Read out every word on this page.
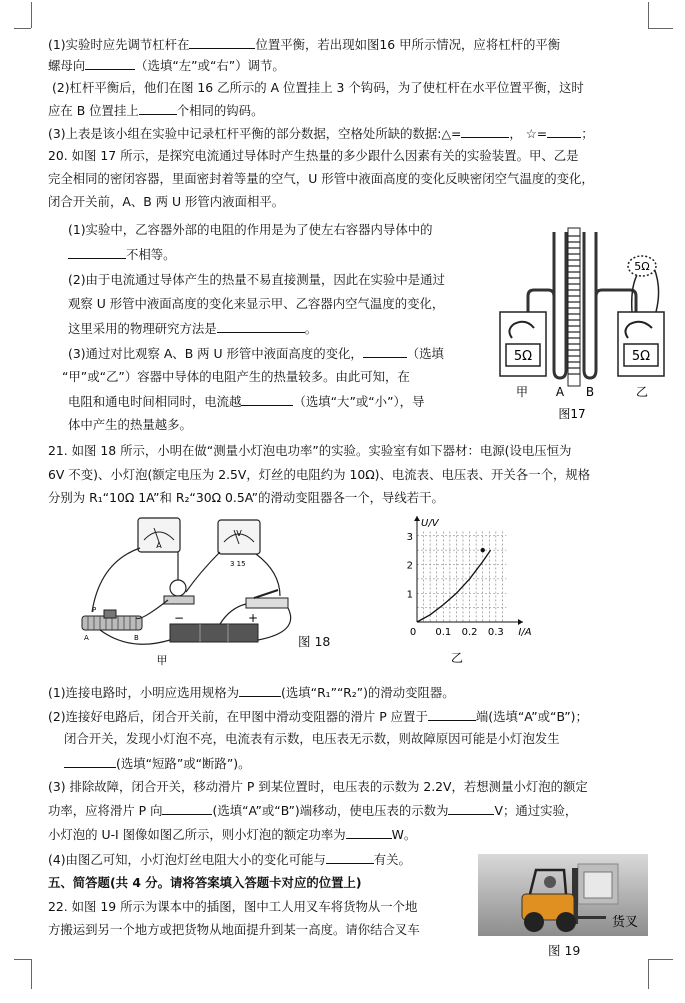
(1)实验时应先调节杠杆在	位置平衡，若出现如图16 甲所示情况，应将杠杆的平衡
螺母向	（选填“左”或“右”）调节。
(2)杠杆平衡后，他们在图 16 乙所示的 A 位置挂上 3 个钩码，为了使杠杆在水平位置平衡，这时
应在 B 位置挂上	个相同的钩码。
(3)上表是该小组在实验中记录杠杆平衡的部分数据，空格处所缺的数据:△=	， ☆=	；
20. 如图 17 所示，是探究电流通过导体时产生热量的多少跟什么因素有关的实验装置。甲、乙是
完全相同的密闭容器，里面密封着等量的空气，U 形管中液面高度的变化反映密闭空气温度的变化，
闭合开关前，A、B 两 U 形管内液面相平。
(1)实验中，乙容器外部的电阻的作用是为了使左右容器内导体中的
不相等。
(2)由于电流通过导体产生的热量不易直接测量，因此在实验中是通过
观察 U 形管中液面高度的变化来显示甲、乙容器内空气温度的变化，
这里采用的物理研究方法是	。
(3)通过对比观察 A、B 两 U 形管中液面高度的变化，	（选填
“甲”或“乙”）容器中导体的电阻产生的热量较多。由此可知，在
电阻和通电时间相同时，电流越	（选填“大”或“小”），导
体中产生的热量越多。
5Ω	5Ω
5Ω
甲 A B	乙
图17
21. 如图 18 所示，小明在做“测量小灯泡电功率”的实验。实验室有如下器材：电源(设电压恒为
6V 不变)、小灯泡(额定电压为 2.5V，灯丝的电阻约为 10Ω)、电流表、电压表、开关各一个，规格
分别为 R₁“10Ω 1A”和 R₂“30Ω 0.5A”的滑动变阻器各一个，导线若干。
A
V
3 15
−	+
P
A	B
甲
图 18
0 0.1 0.2 0.3
1
2
3
I/A
U/V
乙
(1)连接电路时，小明应选用规格为	(选填“R₁”“R₂”)的滑动变阻器。
(2)连接好电路后，闭合开关前，在甲图中滑动变阻器的滑片 P 应置于	端(选填“A”或“B”)；
闭合开关，发现小灯泡不亮，电流表有示数，电压表无示数，则故障原因可能是小灯泡发生
(选填“短路”或“断路”)。
(3) 排除故障，闭合开关，移动滑片 P 到某位置时，电压表的示数为 2.2V，若想测量小灯泡的额定
功率，应将滑片 P 向	(选填“A”或“B”)端移动，使电压表的示数为	V；通过实验，
小灯泡的 U-I 图像如图乙所示，则小灯泡的额定功率为	W。
(4)由图乙可知，小灯泡灯丝电阻大小的变化可能与	有关。
五、简答题(共 4 分。请将答案填入答题卡对应的位置上)
22. 如图 19 所示为课本中的插图，图中工人用叉车将货物从一个地
方搬运到另一个地方或把货物从地面提升到某一高度。请你结合叉车	货叉
图 19
